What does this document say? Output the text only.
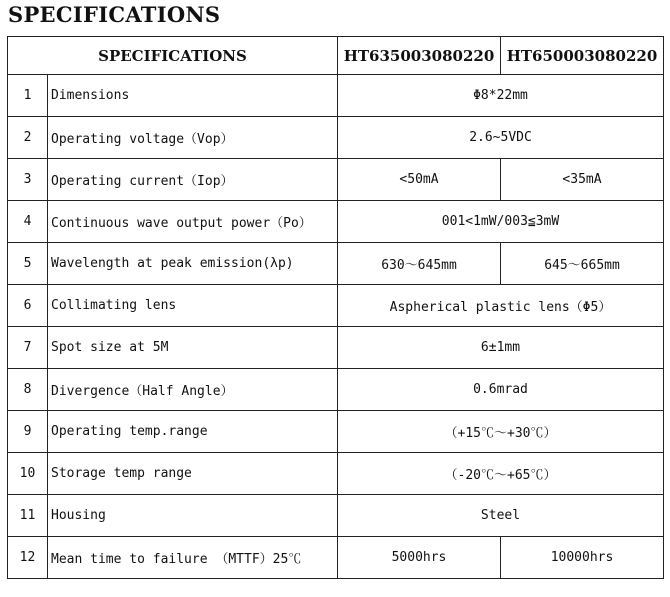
SPECIFICATIONS
SPECIFICATIONS		HT635003080220	HT650003080220
1	Dimensions	Φ8*22mm	
2	Operating voltage（Vop）	2.6~5VDC	
3	Operating current（Iop）	<50mA	<35mA
4	Continuous wave output power（Po）	001<1mW/003≦3mW	
5	Wavelength at peak emission(λp)	630～645mm	645～665mm
6	Collimating lens	Aspherical plastic lens（Φ5）	
7	Spot size at 5M	6±1mm	
8	Divergence（Half Angle）	0.6mrad	
9	Operating temp.range	（+15℃～+30℃）	
10	Storage temp range	（-20℃～+65℃）	
11	Housing	Steel	
12	Mean time to failure （MTTF）25℃	5000hrs	10000hrs
